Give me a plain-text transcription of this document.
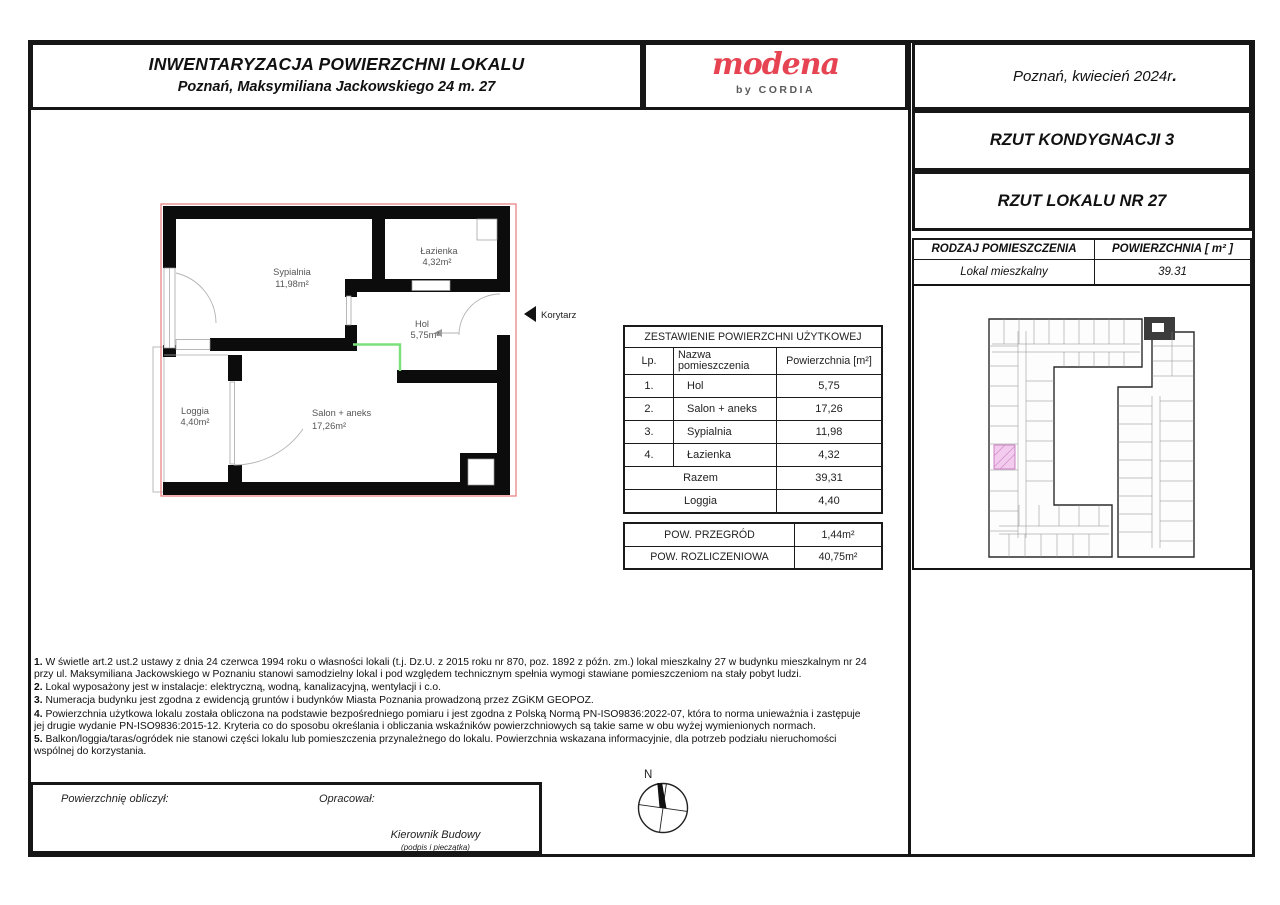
INWENTARYZACJA POWIERZCHNI LOKALU
Poznań, Maksymiliana Jackowskiego 24 m. 27
modena
by CORDIA
Poznań, kwiecień 2024r.
RZUT KONDYGNACJI 3
RZUT LOKALU NR 27
RODZAJ POMIESZCZENIA	POWIERZCHNIA [ m² ]
Lokal mieszkalny	39.31
Sypialnia
11,98m²
Łazienka
4,32m²
Hol
5,75m²
Salon + aneks
17,26m²
Loggia
4,40m²
Korytarz
ZESTAWIENIE POWIERZCHNI UŻYTKOWEJ
Lp.
Nazwa pomieszczenia	Powierzchnia [m²]
1.	Hol	5,75
2.	Salon + aneks	17,26
3.	Sypialnia	11,98
4.	Łazienka	4,32
Razem	39,31
Loggia	4,40
POW. PRZEGRÓD	1,44m²
POW. ROZLICZENIOWA	40,75m²

1. W świetle art.2 ust.2 ustawy z dnia 24 czerwca 1994 roku o własności lokali (t.j. Dz.U. z 2015 roku nr 870, poz. 1892 z późn. zm.) lokal mieszkalny 27 w budynku mieszkalnym nr 24 przy ul. Maksymiliana Jackowskiego w Poznaniu stanowi samodzielny lokal i pod względem technicznym spełnia wymogi stawiane pomieszczeniom na stały pobyt ludzi.

2. Lokal wyposażony jest w instalacje: elektryczną, wodną, kanalizacyjną, wentylacji i c.o.

3. Numeracja budynku jest zgodna z ewidencją gruntów i budynków Miasta Poznania prowadzoną przez ZGiKM GEOPOZ.

4. Powierzchnia użytkowa lokalu została obliczona na podstawie bezpośredniego pomiaru i jest zgodna z Polską Normą PN-ISO9836:2022-07, która to norma unieważnia i zastępuje jej drugie wydanie PN-ISO9836:2015-12. Kryteria co do sposobu określania i obliczania wskaźników powierzchniowych są takie same w obu wyżej wymienionych normach.

5. Balkon/loggia/taras/ogródek nie stanowi części lokalu lub pomieszczenia przynależnego do lokalu. Powierzchnia wskazana informacyjnie, dla potrzeb podziału nieruchomości wspólnej do korzystania.

Powierzchnię obliczył:	Opracował:
Kierownik Budowy
(podpis i pieczątka)
N
